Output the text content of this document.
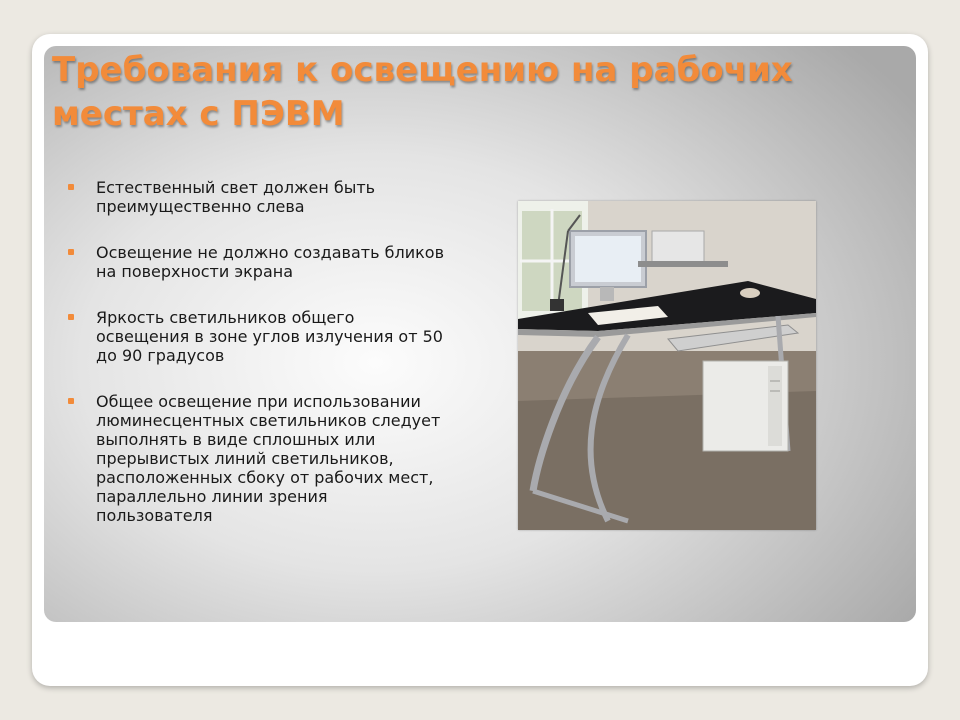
Требования к освещению на рабочих местах с ПЭВМ
Естественный свет должен быть преимущественно слева
Освещение не должно создавать бликов на поверхности экрана
Яркость светильников общего освещения в зоне углов излучения от 50 до 90 градусов
Общее освещение при использовании люминесцентных светильников следует выполнять в виде сплошных или прерывистых линий светильников, расположенных сбоку от рабочих мест, параллельно линии зрения пользователя
